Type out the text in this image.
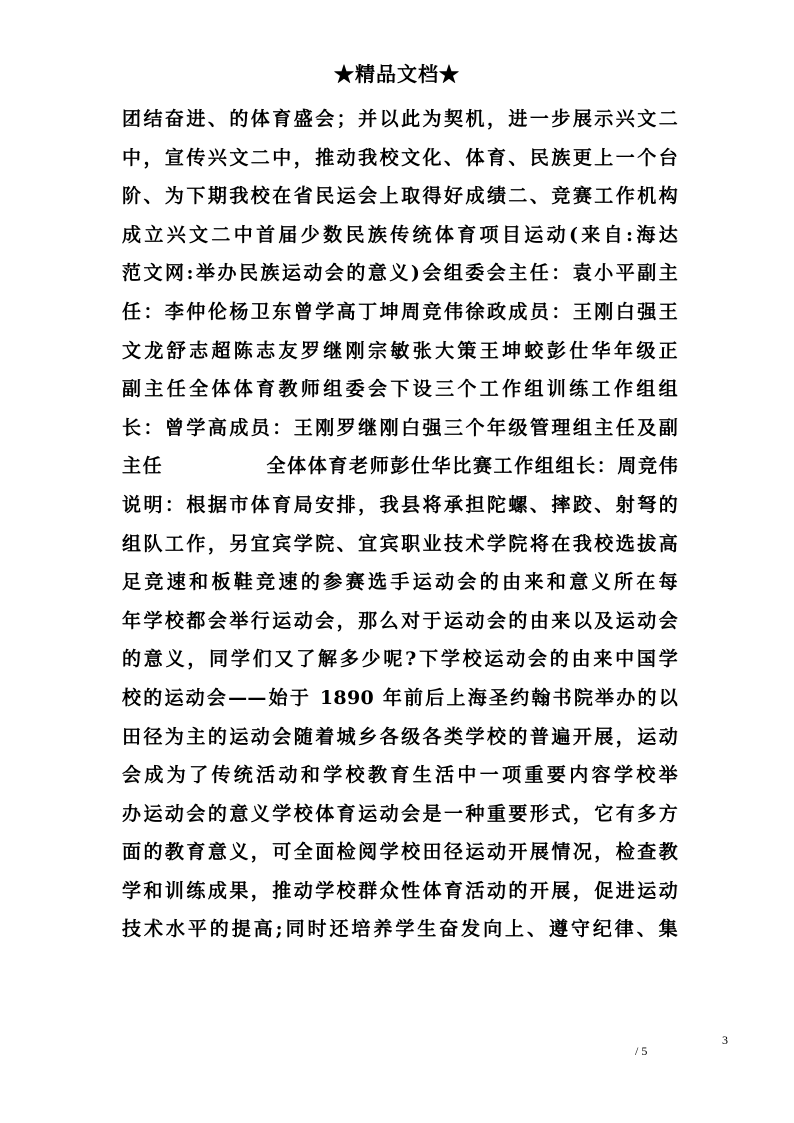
★精品文档★
团结奋进、的体育盛会；并以此为契机，进一步展示兴文二
中，宣传兴文二中，推动我校文化、体育、民族更上一个台
阶、为下期我校在省民运会上取得好成绩二、竞赛工作机构
成立兴文二中首届少数民族传统体育项目运动(来自:海达
范文网:举办民族运动会的意义)会组委会主任：袁小平副主
任：李仲伦杨卫东曾学高丁坤周竞伟徐政成员：王刚白强王
文龙舒志超陈志友罗继刚宗敏张大策王坤蛟彭仕华年级正
副主任全体体育教师组委会下设三个工作组训练工作组组
长：曾学高成员：王刚罗继刚白强三个年级管理组主任及副
主任　　　　　全体体育老师彭仕华比赛工作组组长：周竞伟
说明：根据市体育局安排，我县将承担陀螺、摔跤、射弩的
组队工作，另宜宾学院、宜宾职业技术学院将在我校选拔高
足竞速和板鞋竞速的参赛选手运动会的由来和意义所在每
年学校都会举行运动会，那么对于运动会的由来以及运动会
的意义，同学们又了解多少呢?下学校运动会的由来中国学
校的运动会——始于 1890 年前后上海圣约翰书院举办的以
田径为主的运动会随着城乡各级各类学校的普遍开展，运动
会成为了传统活动和学校教育生活中一项重要内容学校举
办运动会的意义学校体育运动会是一种重要形式，它有多方
面的教育意义，可全面检阅学校田径运动开展情况，检查教
学和训练成果，推动学校群众性体育活动的开展，促进运动
技术水平的提高;同时还培养学生奋发向上、遵守纪律、集
3
/ 5
